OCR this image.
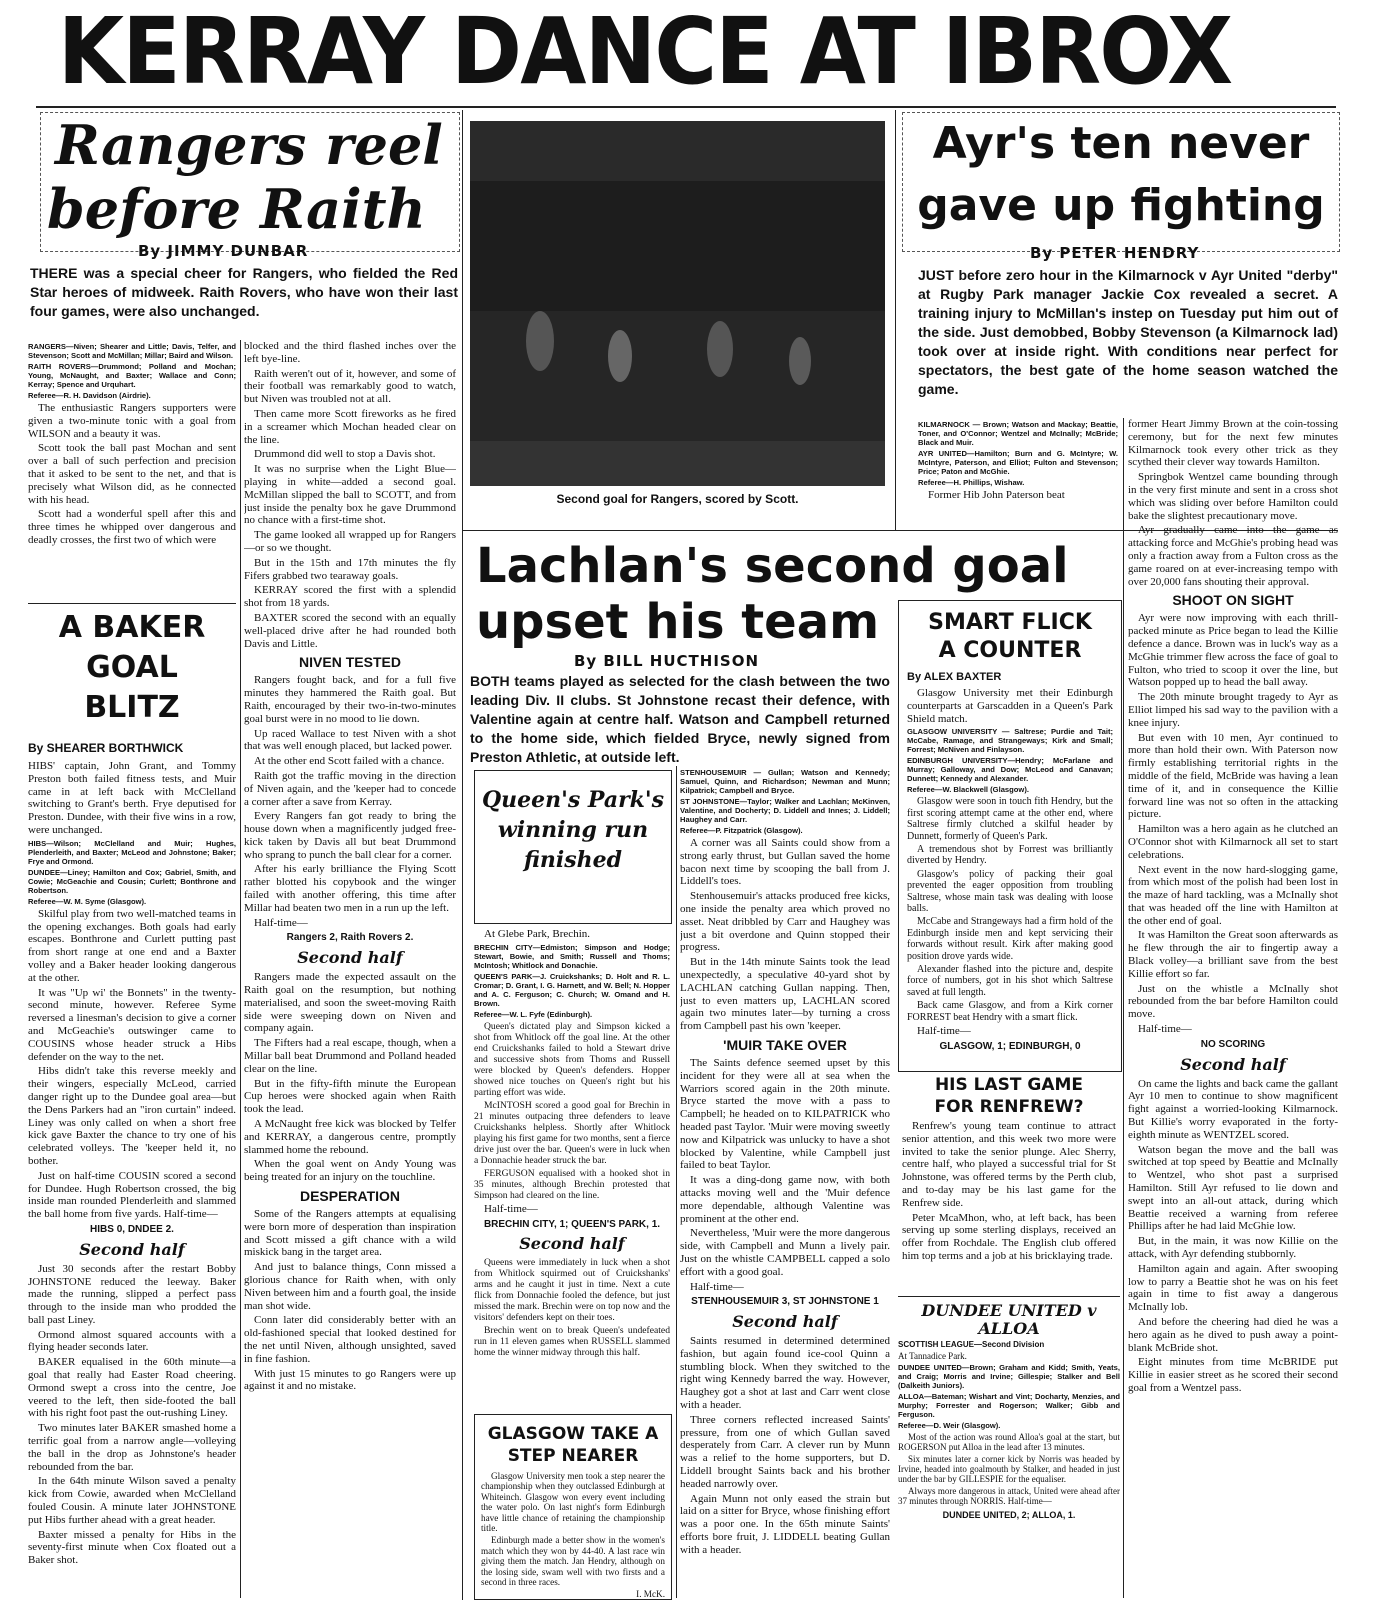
KERRAY DANCE AT IBROX
Rangers reel
before Raith
By JIMMY DUNBAR
THERE was a special cheer for Rangers, who fielded the Red Star heroes of midweek. Raith Rovers, who have won their last four games, were also unchanged.

RANGERS—Niven; Shearer and Little; Davis, Telfer, and Stevenson; Scott and McMillan; Millar; Baird and Wilson.

RAITH ROVERS—Drummond; Polland and Mochan; Young, McNaught, and Baxter; Wallace and Conn; Kerray; Spence and Urquhart.

Referee—R. H. Davidson (Airdrie).

The enthusiastic Rangers supporters were given a two-minute tonic with a goal from WILSON and a beauty it was.

Scott took the ball past Mochan and sent over a ball of such perfection and precision that it asked to be sent to the net, and that is precisely what Wilson did, as he connected with his head.

Scott had a wonderful spell after this and three times he whipped over dangerous and deadly crosses, the first two of which were

blocked and the third flashed inches over the left bye-line.

Raith weren't out of it, however, and some of their football was remarkably good to watch, but Niven was troubled not at all.

Then came more Scott fireworks as he fired in a screamer which Mochan headed clear on the line.

Drummond did well to stop a Davis shot.

It was no surprise when the Light Blue—playing in white—added a second goal. McMillan slipped the ball to SCOTT, and from just inside the penalty box he gave Drummond no chance with a first-time shot.

The game looked all wrapped up for Rangers—or so we thought.

But in the 15th and 17th minutes the fly Fifers grabbed two tearaway goals.

KERRAY scored the first with a splendid shot from 18 yards.

BAXTER scored the second with an equally well-placed drive after he had rounded both Davis and Little.

NIVEN TESTED

Rangers fought back, and for a full five minutes they hammered the Raith goal. But Raith, encouraged by their two-in-two-minutes goal burst were in no mood to lie down.

Up raced Wallace to test Niven with a shot that was well enough placed, but lacked power.

At the other end Scott failed with a chance.

Raith got the traffic moving in the direction of Niven again, and the 'keeper had to concede a corner after a save from Kerray.

Every Rangers fan got ready to bring the house down when a magnificently judged free-kick taken by Davis all but beat Drummond who sprang to punch the ball clear for a corner.

After his early brilliance the Flying Scott rather blotted his copybook and the winger failed with another offering, this time after Millar had beaten two men in a run up the left.

Half-time—

Rangers 2, Raith Rovers 2.

Second half

Rangers made the expected assault on the Raith goal on the resumption, but nothing materialised, and soon the sweet-moving Raith side were sweeping down on Niven and company again.

The Fifters had a real escape, though, when a Millar ball beat Drummond and Polland headed clear on the line.

But in the fifty-fifth minute the European Cup heroes were shocked again when Raith took the lead.

A McNaught free kick was blocked by Telfer and KERRAY, a dangerous centre, promptly slammed home the rebound.

When the goal went on Andy Young was being treated for an injury on the touchline.

DESPERATION

Some of the Rangers attempts at equalising were born more of desperation than inspiration and Scott missed a gift chance with a wild miskick bang in the target area.

And just to balance things, Conn missed a glorious chance for Raith when, with only Niven between him and a fourth goal, the inside man shot wide.

Conn later did considerably better with an old-fashioned special that looked destined for the net until Niven, although unsighted, saved in fine fashion.

With just 15 minutes to go Rangers were up against it and no mistake.

A BAKER
GOAL
BLITZ

By SHEARER BORTHWICK

HIBS' captain, John Grant, and Tommy Preston both failed fitness tests, and Muir came in at left back with McClelland switching to Grant's berth. Frye deputised for Preston. Dundee, with their five wins in a row, were unchanged.

HIBS—Wilson; McClelland and Muir; Hughes, Plenderleith, and Baxter; McLeod and Johnstone; Baker; Frye and Ormond.

DUNDEE—Liney; Hamilton and Cox; Gabriel, Smith, and Cowie; McGeachie and Cousin; Curlett; Bonthrone and Robertson.

Referee—W. M. Syme (Glasgow).

Skilful play from two well-matched teams in the opening exchanges. Both goals had early escapes. Bonthrone and Curlett putting past from short range at one end and a Baxter volley and a Baker header looking dangerous at the other.

It was "Up wi' the Bonnets" in the twenty-second minute, however. Referee Syme reversed a linesman's decision to give a corner and McGeachie's outswinger came to COUSINS whose header struck a Hibs defender on the way to the net.

Hibs didn't take this reverse meekly and their wingers, especially McLeod, carried danger right up to the Dundee goal area—but the Dens Parkers had an "iron curtain" indeed. Liney was only called on when a short free kick gave Baxter the chance to try one of his celebrated volleys. The 'keeper held it, no bother.

Just on half-time COUSIN scored a second for Dundee. Hugh Robertson crossed, the big inside man rounded Plenderleith and slammed the ball home from five yards. Half-time—

HIBS 0, DNDEE 2.

Second half

Just 30 seconds after the restart Bobby JOHNSTONE reduced the leeway. Baker made the running, slipped a perfect pass through to the inside man who prodded the ball past Liney.

Ormond almost squared accounts with a flying header seconds later.

BAKER equalised in the 60th minute—a goal that really had Easter Road cheering. Ormond swept a cross into the centre, Joe veered to the left, then side-footed the ball with his right foot past the out-rushing Liney.

Two minutes later BAKER smashed home a terrific goal from a narrow angle—volleying the ball in the drop as Johnstone's header rebounded from the bar.

In the 64th minute Wilson saved a penalty kick from Cowie, awarded when McClelland fouled Cousin. A minute later JOHNSTONE put Hibs further ahead with a great header.

Baxter missed a penalty for Hibs in the seventy-first minute when Cox floated out a Baker shot.

Second goal for Rangers, scored by Scott.
Ayr's ten never
gave up fighting
By PETER HENDRY
JUST before zero hour in the Kilmarnock v Ayr United "derby" at Rugby Park manager Jackie Cox revealed a secret. A training injury to McMillan's instep on Tuesday put him out of the side. Just demobbed, Bobby Stevenson (a Kilmarnock lad) took over at inside right. With conditions near perfect for spectators, the best gate of the home season watched the game.

KILMARNOCK — Brown; Watson and Mackay; Beattie, Toner, and O'Connor; Wentzel and McInally; McBride; Black and Muir.

AYR UNITED—Hamilton; Burn and G. McIntyre; W. McIntyre, Paterson, and Elliot; Fulton and Stevenson; Price; Paton and McGhie.

Referee—H. Phillips, Wishaw.

Former Hib John Paterson beat

former Heart Jimmy Brown at the coin-tossing ceremony, but for the next few minutes Kilmarnock took every other trick as they scythed their clever way towards Hamilton.

Springbok Wentzel came bounding through in the very first minute and sent in a cross shot which was sliding over before Hamilton could bake the slightest precautionary move.

Ayr gradually came into the game as attacking force and McGhie's probing head was only a fraction away from a Fulton cross as the game roared on at ever-increasing tempo with over 20,000 fans shouting their approval.

SHOOT ON SIGHT

Ayr were now improving with each thrill-packed minute as Price began to lead the Killie defence a dance. Brown was in luck's way as a McGhie trimmer flew across the face of goal to Fulton, who tried to scoop it over the line, but Watson popped up to head the ball away.

The 20th minute brought tragedy to Ayr as Elliot limped his sad way to the pavilion with a knee injury.

But even with 10 men, Ayr continued to more than hold their own. With Paterson now firmly establishing territorial rights in the middle of the field, McBride was having a lean time of it, and in consequence the Killie forward line was not so often in the attacking picture.

Hamilton was a hero again as he clutched an O'Connor shot with Kilmarnock all set to start celebrations.

Next event in the now hard-slogging game, from which most of the polish had been lost in the maze of hard tackling, was a McInally shot that was headed off the line with Hamilton at the other end of goal.

It was Hamilton the Great soon afterwards as he flew through the air to fingertip away a Black volley—a brilliant save from the best Killie effort so far.

Just on the whistle a McInally shot rebounded from the bar before Hamilton could move.

Half-time—

NO SCORING

Second half

On came the lights and back came the gallant Ayr 10 men to continue to show magnificent fight against a worried-looking Kilmarnock. But Killie's worry evaporated in the forty-eighth minute as WENTZEL scored.

Watson began the move and the ball was switched at top speed by Beattie and McInally to Wentzel, who shot past a surprised Hamilton. Still Ayr refused to lie down and swept into an all-out attack, during which Beattie received a warning from referee Phillips after he had laid McGhie low.

But, in the main, it was now Killie on the attack, with Ayr defending stubbornly.

Hamilton again and again. After swooping low to parry a Beattie shot he was on his feet again in time to fist away a dangerous McInally lob.

And before the cheering had died he was a hero again as he dived to push away a point-blank McBride shot.

Eight minutes from time McBRIDE put Killie in easier street as he scored their second goal from a Wentzel pass.

Lachlan's second goal
upset his team
By BILL HUCTHISON
BOTH teams played as selected for the clash between the two leading Div. II clubs. St Johnstone recast their defence, with Valentine again at centre half. Watson and Campbell returned to the home side, which fielded Bryce, newly signed from Preston Athletic, at outside left.

STENHOUSEMUIR — Gullan; Watson and Kennedy; Samuel, Quinn, and Richardson; Newman and Munn; Kilpatrick; Campbell and Bryce.

ST JOHNSTONE—Taylor; Walker and Lachlan; McKinven, Valentine, and Docherty; D. Liddell and Innes; J. Liddell; Haughey and Carr.

Referee—P. Fitzpatrick (Glasgow).

A corner was all Saints could show from a strong early thrust, but Gullan saved the home bacon next time by scooping the ball from J. Liddell's toes.

Stenhousemuir's attacks produced free kicks, one inside the penalty area which proved no asset. Neat dribbled by Carr and Haughey was just a bit overdone and Quinn stopped their progress.

But in the 14th minute Saints took the lead unexpectedly, a speculative 40-yard shot by LACHLAN catching Gullan napping. Then, just to even matters up, LACHLAN scored again two minutes later—by turning a cross from Campbell past his own 'keeper.

'MUIR TAKE OVER

The Saints defence seemed upset by this incident for they were all at sea when the Warriors scored again in the 20th minute. Bryce started the move with a pass to Campbell; he headed on to KILPATRICK who headed past Taylor. 'Muir were moving sweetly now and Kilpatrick was unlucky to have a shot blocked by Valentine, while Campbell just failed to beat Taylor.

It was a ding-dong game now, with both attacks moving well and the 'Muir defence more dependable, although Valentine was prominent at the other end.

Nevertheless, 'Muir were the more dangerous side, with Campbell and Munn a lively pair. Just on the whistle CAMPBELL capped a solo effort with a good goal.

Half-time—

STENHOUSEMUIR 3, ST JOHNSTONE 1

Second half

Saints resumed in determined determined fashion, but again found ice-cool Quinn a stumbling block. When they switched to the right wing Kennedy barred the way. However, Haughey got a shot at last and Carr went close with a header.

Three corners reflected increased Saints' pressure, from one of which Gullan saved desperately from Carr. A clever run by Munn was a relief to the home supporters, but D. Liddell brought Saints back and his brother headed narrowly over.

Again Munn not only eased the strain but laid on a sitter for Bryce, whose finishing effort was a poor one. In the 65th minute Saints' efforts bore fruit, J. LIDDELL beating Gullan with a header.

Queen's Park's
winning run
finished

At Glebe Park, Brechin.

BRECHIN CITY—Edmiston; Simpson and Hodge; Stewart, Bowie, and Smith; Russell and Thoms; McIntosh; Whitlock and Donachie.

QUEEN'S PARK—J. Cruickshanks; D. Holt and R. L. Cromar; D. Grant, I. G. Harnett, and W. Bell; N. Hopper and A. C. Ferguson; C. Church; W. Omand and H. Brown.

Referee—W. L. Fyfe (Edinburgh).

Queen's dictated play and Simpson kicked a shot from Whitlock off the goal line. At the other end Cruickshanks failed to hold a Stewart drive and successive shots from Thoms and Russell were blocked by Queen's defenders. Hopper showed nice touches on Queen's right but his parting effort was wide.

McINTOSH scored a good goal for Brechin in 21 minutes outpacing three defenders to leave Cruickshanks helpless. Shortly after Whitlock playing his first game for two months, sent a fierce drive just over the bar. Queen's were in luck when a Donnachie header struck the bar.

FERGUSON equalised with a hooked shot in 35 minutes, although Brechin protested that Simpson had cleared on the line.

Half-time—

BRECHIN CITY, 1; QUEEN'S PARK, 1.

Second half

Queens were immediately in luck when a shot from Whitlock squirmed out of Cruickshanks' arms and he caught it just in time. Next a cute flick from Donnachie fooled the defence, but just missed the mark. Brechin were on top now and the visitors' defenders kept on their toes.

Brechin went on to break Queen's undefeated run in 11 eleven games when RUSSELL slammed home the winner midway through this half.

GLASGOW TAKE A
STEP NEARER

Glasgow University men took a step nearer the championship when they outclassed Edinburgh at Whiteinch. Glasgow won every event including the water polo. On last night's form Edinburgh have little chance of retaining the championship title.

Edinburgh made a better show in the women's match which they won by 44-40. A last race win giving them the match. Jan Hendry, although on the losing side, swam well with two firsts and a second in three races.

I. McK.

SMART FLICK
A COUNTER

By ALEX BAXTER

Glasgow University met their Edinburgh counterparts at Garscadden in a Queen's Park Shield match.

GLASGOW UNIVERSITY — Saltrese; Purdie and Tait; McCabe, Ramage, and Strangeways; Kirk and Small; Forrest; McNiven and Finlayson.

EDINBURGH UNIVERSITY—Hendry; McFarlane and Murray; Galloway, and Dow; McLeod and Canavan; Dunnett; Kennedy and Alexander.

Referee—W. Blackwell (Glasgow).

Glasgow were soon in touch fith Hendry, but the first scoring attempt came at the other end, where Saltrese firmly clutched a skilful header by Dunnett, formerly of Queen's Park.

A tremendous shot by Forrest was brilliantly diverted by Hendry.

Glasgow's policy of packing their goal prevented the eager opposition from troubling Saltrese, whose main task was dealing with loose balls.

McCabe and Strangeways had a firm hold of the Edinburgh inside men and kept servicing their forwards without result. Kirk after making good position drove yards wide.

Alexander flashed into the picture and, despite force of numbers, got in his shot which Saltrese saved at full length.

Back came Glasgow, and from a Kirk corner FORREST beat Hendry with a smart flick.

Half-time—

GLASGOW, 1; EDINBURGH, 0

HIS LAST GAME
FOR RENFREW?

Renfrew's young team continue to attract senior attention, and this week two more were invited to take the senior plunge. Alec Sherry, centre half, who played a successful trial for St Johnstone, was offered terms by the Perth club, and to-day may be his last game for the Renfrew side.

Peter McaMhon, who, at left back, has been serving up some sterling displays, received an offer from Rochdale. The English club offered him top terms and a job at his bricklaying trade.

DUNDEE UNITED v ALLOA

SCOTTISH LEAGUE—Second Division

At Tannadice Park.

DUNDEE UNITED—Brown; Graham and Kidd; Smith, Yeats, and Craig; Morris and Irvine; Gillespie; Stalker and Bell (Dalkeith Juniors).

ALLOA—Bateman; Wishart and Vint; Docharty, Menzies, and Murphy; Forrester and Rogerson; Walker; Gibb and Ferguson.

Referee—D. Weir (Glasgow).

Most of the action was round Alloa's goal at the start, but ROGERSON put Alloa in the lead after 13 minutes.

Six minutes later a corner kick by Norris was headed by Irvine, headed into goalmouth by Stalker, and headed in just under the bar by GILLESPIE for the equaliser.

Always more dangerous in attack, United were ahead after 37 minutes through NORRIS. Half-time—

DUNDEE UNITED, 2; ALLOA, 1.
